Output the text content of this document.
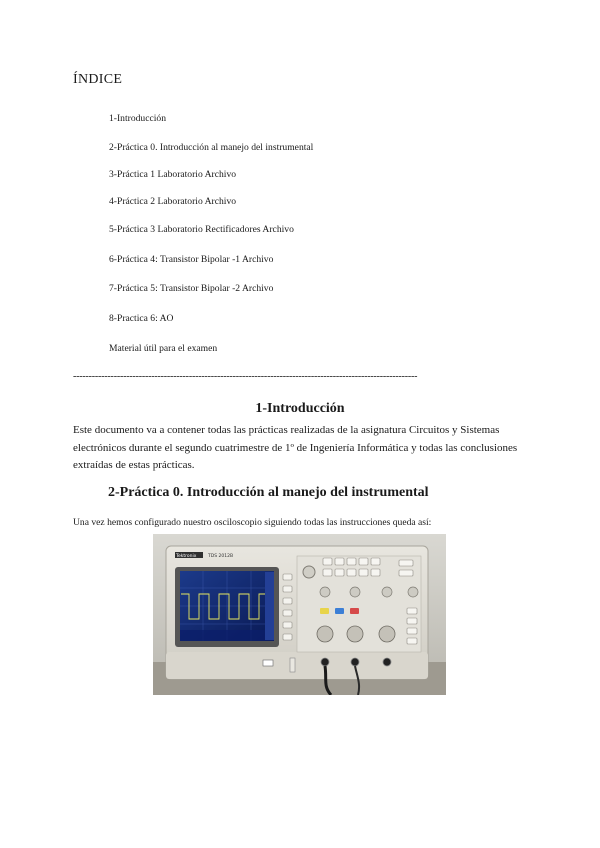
ÍNDICE
1-Introducción
2-Práctica 0. Introducción al manejo del instrumental
3-Práctica 1 Laboratorio Archivo
4-Práctica 2 Laboratorio Archivo
5-Práctica 3 Laboratorio Rectificadores Archivo
6-Práctica 4: Transistor Bipolar -1 Archivo
7-Práctica 5: Transistor Bipolar -2 Archivo
8-Practica 6: AO
Material útil para el examen
--------------------------------------------------------------------------------------------------------------
1-Introducción
Este documento va a contener todas las prácticas realizadas de la asignatura Circuitos y Sistemas electrónicos durante el segundo cuatrimestre de 1º de Ingeniería Informática y todas las conclusiones extraídas de estas prácticas.
2-Práctica 0. Introducción al manejo del instrumental
Una vez hemos configurado nuestro osciloscopio siguiendo todas las instrucciones queda así:
Tektronix	TDS 2012B
